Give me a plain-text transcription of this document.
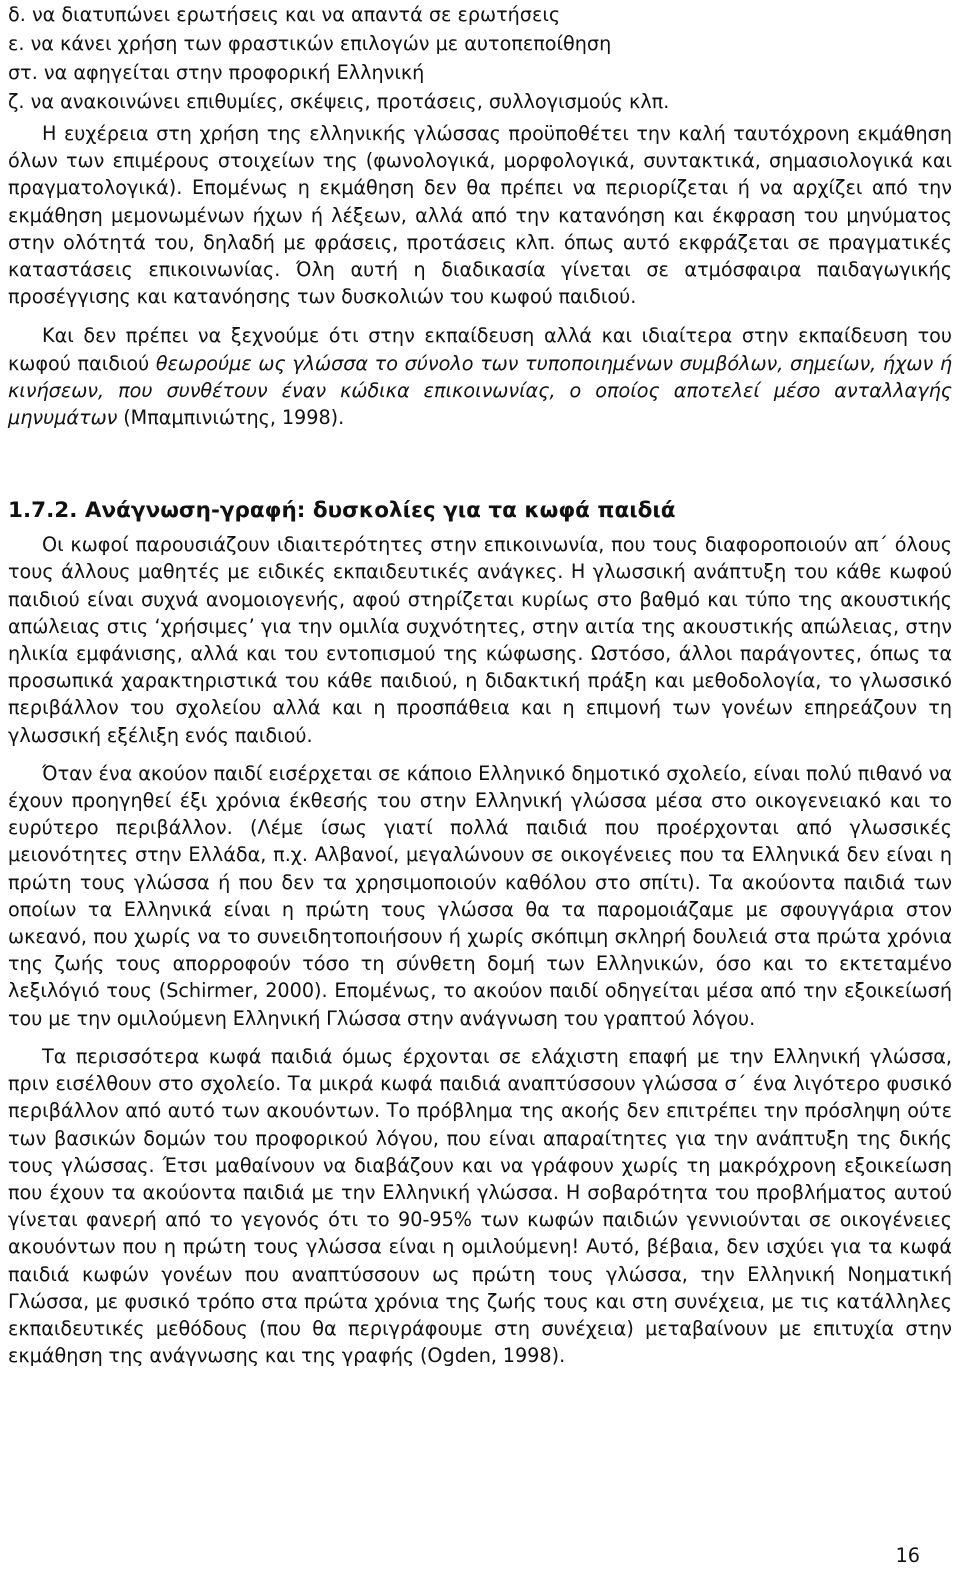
δ. να διατυπώνει ερωτήσεις και να απαντά σε ερωτήσεις
ε. να κάνει χρήση των φραστικών επιλογών με αυτοπεποίθηση
στ. να αφηγείται στην προφορική Ελληνική
ζ. να ανακοινώνει επιθυμίες, σκέψεις, προτάσεις, συλλογισμούς κλπ.

Η ευχέρεια στη χρήση της ελληνικής γλώσσας προϋποθέτει την καλή ταυτόχρονη εκμάθηση όλων των επιμέρους στοιχείων της (φωνολογικά, μορφολογικά, συντακτικά, σημασιολογικά και πραγματολογικά). Επομένως η εκμάθηση δεν θα πρέπει να περιορίζεται ή να αρχίζει από την εκμάθηση μεμονωμένων ήχων ή λέξεων, αλλά από την κατανόηση και έκφραση του μηνύματος στην ολότητά του, δηλαδή με φράσεις, προτάσεις κλπ. όπως αυτό εκφράζεται σε πραγματικές καταστάσεις επικοινωνίας. Όλη αυτή η διαδικασία γίνεται σε ατμόσφαιρα παιδαγωγικής προσέγγισης και κατανόησης των δυσκολιών του κωφού παιδιού.

Και δεν πρέπει να ξεχνούμε ότι στην εκπαίδευση αλλά και ιδιαίτερα στην εκπαίδευση του κωφού παιδιού θεωρούμε ως γλώσσα το σύνολο των τυποποιημένων συμβόλων, σημείων, ήχων ή κινήσεων, που συνθέτουν έναν κώδικα επικοινωνίας, ο οποίος αποτελεί μέσο ανταλλαγής μηνυμάτων (Μπαμπινιώτης, 1998).

1.7.2. Ανάγνωση-γραφή: δυσκολίες για τα κωφά παιδιά

Οι κωφοί παρουσιάζουν ιδιαιτερότητες στην επικοινωνία, που τους διαφοροποιούν απ΄ όλους τους άλλους μαθητές με ειδικές εκπαιδευτικές ανάγκες. Η γλωσσική ανάπτυξη του κάθε κωφού παιδιού είναι συχνά ανομοιογενής, αφού στηρίζεται κυρίως στο βαθμό και τύπο της ακουστικής απώλειας στις ‘χρήσιμες’ για την ομιλία συχνότητες, στην αιτία της ακουστικής απώλειας, στην ηλικία εμφάνισης, αλλά και του εντοπισμού της κώφωσης. Ωστόσο, άλλοι παράγοντες, όπως τα προσωπικά χαρακτηριστικά του κάθε παιδιού, η διδακτική πράξη και μεθοδολογία, το γλωσσικό περιβάλλον του σχολείου αλλά και η προσπάθεια και η επιμονή των γονέων επηρεάζουν τη γλωσσική εξέλιξη ενός παιδιού.

Όταν ένα ακούον παιδί εισέρχεται σε κάποιο Ελληνικό δημοτικό σχολείο, είναι πολύ πιθανό να έχουν προηγηθεί έξι χρόνια έκθεσής του στην Ελληνική γλώσσα μέσα στο οικογενειακό και το ευρύτερο περιβάλλον. (Λέμε ίσως γιατί πολλά παιδιά που προέρχονται από γλωσσικές μειονότητες στην Ελλάδα, π.χ. Αλβανοί, μεγαλώνουν σε οικογένειες που τα Ελληνικά δεν είναι η πρώτη τους γλώσσα ή που δεν τα χρησιμοποιούν καθόλου στο σπίτι). Τα ακούοντα παιδιά των οποίων τα Ελληνικά είναι η πρώτη τους γλώσσα θα τα παρομοιάζαμε με σφουγγάρια στον ωκεανό, που χωρίς να το συνειδητοποιήσουν ή χωρίς σκόπιμη σκληρή δουλειά στα πρώτα χρόνια της ζωής τους απορροφούν τόσο τη σύνθετη δομή των Ελληνικών, όσο και το εκτεταμένο λεξιλόγιό τους (Schirmer, 2000). Επομένως, το ακούον παιδί οδηγείται μέσα από την εξοικείωσή του με την ομιλούμενη Ελληνική Γλώσσα στην ανάγνωση του γραπτού λόγου.

Τα περισσότερα κωφά παιδιά όμως έρχονται σε ελάχιστη επαφή με την Ελληνική γλώσσα, πριν εισέλθουν στο σχολείο. Τα μικρά κωφά παιδιά αναπτύσσουν γλώσσα σ΄ ένα λιγότερο φυσικό περιβάλλον από αυτό των ακουόντων. Το πρόβλημα της ακοής δεν επιτρέπει την πρόσληψη ούτε των βασικών δομών του προφορικού λόγου, που είναι απαραίτητες για την ανάπτυξη της δικής τους γλώσσας. Έτσι μαθαίνουν να διαβάζουν και να γράφουν χωρίς τη μακρόχρονη εξοικείωση που έχουν τα ακούοντα παιδιά με την Ελληνική γλώσσα. Η σοβαρότητα του προβλήματος αυτού γίνεται φανερή από το γεγονός ότι το 90-95% των κωφών παιδιών γεννιούνται σε οικογένειες ακουόντων που η πρώτη τους γλώσσα είναι η ομιλούμενη! Αυτό, βέβαια, δεν ισχύει για τα κωφά παιδιά κωφών γονέων που αναπτύσσουν ως πρώτη τους γλώσσα, την Ελληνική Νοηματική Γλώσσα, με φυσικό τρόπο στα πρώτα χρόνια της ζωής τους και στη συνέχεια, με τις κατάλληλες εκπαιδευτικές μεθόδους (που θα περιγράφουμε στη συνέχεια) μεταβαίνουν με επιτυχία στην εκμάθηση της ανάγνωσης και της γραφής (Ogden, 1998).

16
